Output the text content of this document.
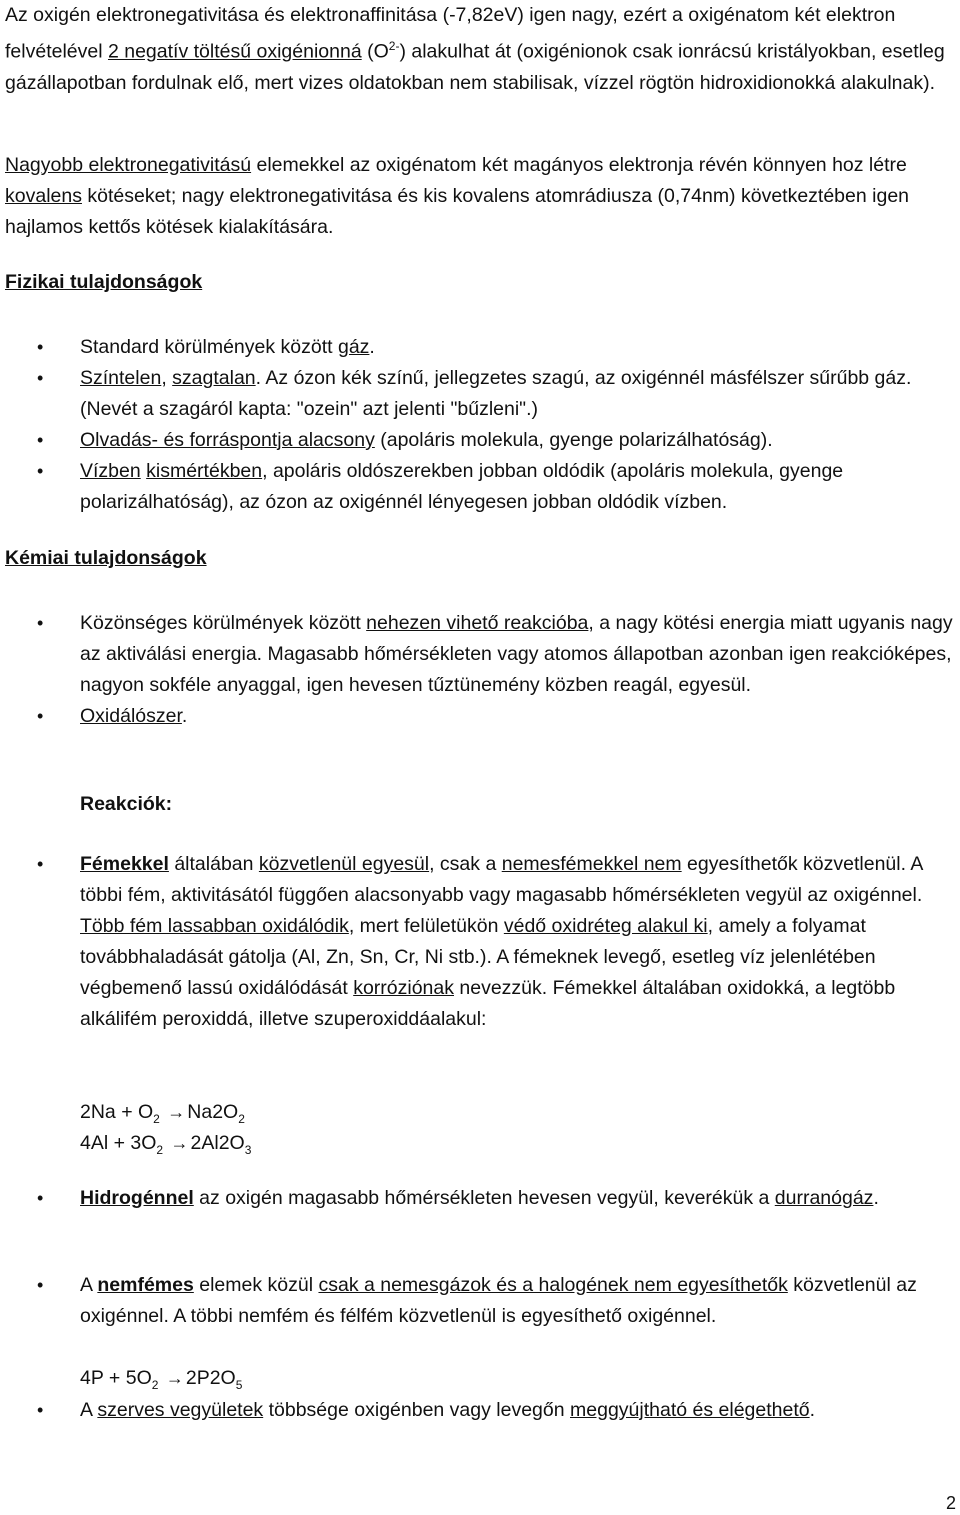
Az oxigén elektronegativitása és elektronaffinitása (-7,82eV) igen nagy, ezért a oxigénatom két elektron felvételével 2 negatív töltésű oxigénionná $(O^{2-})$ alakulhat át (oxigénionok csak ionrácsú kristályokban, esetleg gázállapotban fordulnak elő, mert vizes oldatokban nem stabilisak, vízzel rögtön hidroxidionokká alakulnak).
Nagyobb elektronegativitású elemekkel az oxigénatom két magányos elektronja révén könnyen hoz létre kovalens kötéseket; nagy elektronegativitása és kis kovalens atomrádiusza (0,74nm) következtében igen hajlamos kettős kötések kialakítására.
Fizikai tulajdonságok
• Standard körülmények között gáz.
• Színtelen, szagtalan. Az ózon kék színű, jellegzetes szagú, az oxigénnél másfélszer sűrűbb gáz. (Nevét a szagáról kapta: "ozein" azt jelenti "bűzleni".)
• Olvadás- és forráspontja alacsony (apoláris molekula, gyenge polarizálhatóság).
• Vízben kismértékben, apoláris oldószerekben jobban oldódik (apoláris molekula, gyenge polarizálhatóság), az ózon az oxigénnél lényegesen jobban oldódik vízben.
Kémiai tulajdonságok
• Közönséges körülmények között nehezen vihető reakcióba, a nagy kötési energia miatt ugyanis nagy az aktiválási energia. Magasabb hőmérsékleten vagy atomos állapotban azonban igen reakcióképes, nagyon sokféle anyaggal, igen hevesen tűztünemény közben reagál, egyesül.
• Oxidálószer.
Reakciók:
• Fémekkel általában közvetlenül egyesül, csak a nemesfémekkel nem egyesíthetők közvetlenül. A többi fém, aktivitásától függően alacsonyabb vagy magasabb hőmérsékleten vegyül az oxigénnel. Több fém lassabban oxidálódik, mert felületükön védő oxidréteg alakul ki, amely a folyamat továbbhaladását gátolja (Al, Zn, Sn, Cr, Ni stb.). A fémeknek levegő, esetleg víz jelenlétében végbemenő lassú oxidálódását korróziónak nevezzük. Fémekkel általában oxidokká, a legtöbb alkálifém peroxiddá, illetve szuperoxiddáalakul:
$2Na + O_2 \to Na2O_2$
$4Al + 3O_2 \to 2Al2O_3$
• Hidrogénnel az oxigén magasabb hőmérsékleten hevesen vegyül, keverékük a durranógáz.
• A nemfémes elemek közül csak a nemesgázok és a halogének nem egyesíthetők közvetlenül az oxigénnel. A többi nemfém és félfém közvetlenül is egyesíthető oxigénnel.
$4P + 5O_2 \to 2P2O_5$
• A szerves vegyületek többsége oxigénben vagy levegőn meggyújtható és elégethető.
2
